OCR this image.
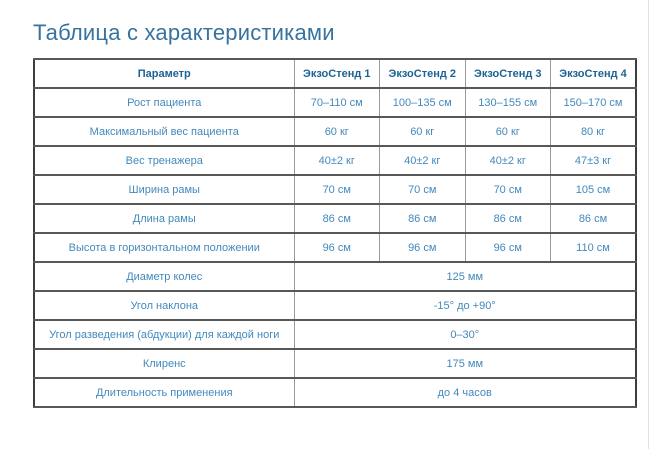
Таблица с характеристиками
Параметр	ЭкзоСтенд 1	ЭкзоСтенд 2	ЭкзоСтенд 3	ЭкзоСтенд 4
Рост пациента	70–110 см	100–135 см	130–155 см	150–170 см
Максимальный вес пациента	60 кг	60 кг	60 кг	80 кг
Вес тренажера	40±2 кг	40±2 кг	40±2 кг	47±3 кг
Ширина рамы	70 см	70 см	70 см	105 см
Длина рамы	86 см	86 см	86 см	86 см
Высота в горизонтальном положении	96 см	96 см	96 см	110 см
Диаметр колес	125 мм			
Угол наклона	-15° до +90°			
Угол разведения (абдукции) для каждой ноги	0–30°			
Клиренс	175 мм			
Длительность применения	до 4 часов			
